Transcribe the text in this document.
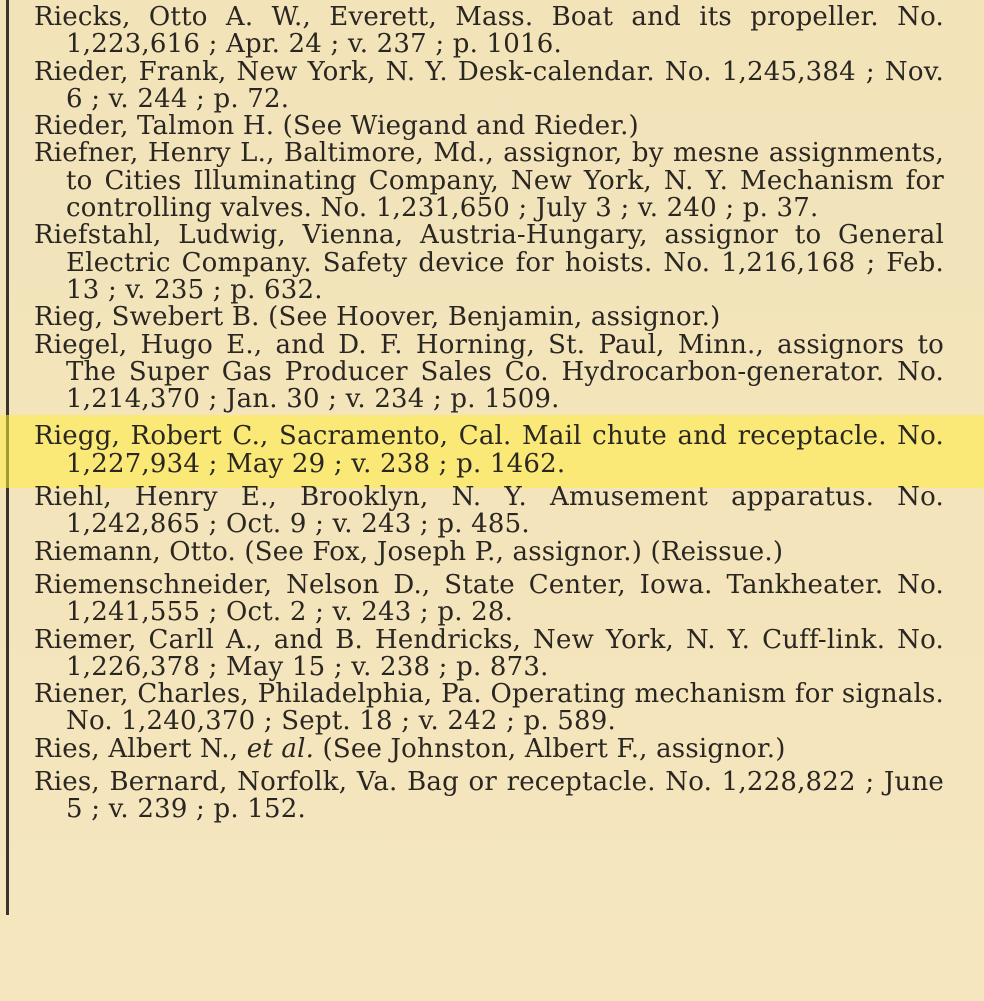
Riecks, Otto A. W., Everett, Mass. Boat and its propeller. No. 1,223,616 ; Apr. 24 ; v. 237 ; p. 1016.

Rieder, Frank, New York, N. Y. Desk-calendar. No. 1,245,384 ; Nov. 6 ; v. 244 ; p. 72.

Rieder, Talmon H. (See Wiegand and Rieder.)

Riefner, Henry L., Baltimore, Md., assignor, by mesne assignments, to Cities Illuminating Company, New York, N. Y. Mechanism for controlling valves. No. 1,231,650 ; July 3 ; v. 240 ; p. 37.

Riefstahl, Ludwig, Vienna, Austria-Hungary, assignor to General Electric Company. Safety device for hoists. No. 1,216,168 ; Feb. 13 ; v. 235 ; p. 632.

Rieg, Swebert B. (See Hoover, Benjamin, assignor.)

Riegel, Hugo E., and D. F. Horning, St. Paul, Minn., assignors to The Super Gas Producer Sales Co. Hydrocarbon-generator. No. 1,214,370 ; Jan. 30 ; v. 234 ; p. 1509.

Riegg, Robert C., Sacramento, Cal. Mail chute and receptacle. No. 1,227,934 ; May 29 ; v. 238 ; p. 1462.

Riehl, Henry E., Brooklyn, N. Y. Amusement apparatus. No. 1,242,865 ; Oct. 9 ; v. 243 ; p. 485.

Riemann, Otto. (See Fox, Joseph P., assignor.) (Reissue.)

Riemenschneider, Nelson D., State Center, Iowa. Tankheater. No. 1,241,555 ; Oct. 2 ; v. 243 ; p. 28.

Riemer, Carll A., and B. Hendricks, New York, N. Y. Cuff-link. No. 1,226,378 ; May 15 ; v. 238 ; p. 873.

Riener, Charles, Philadelphia, Pa. Operating mechanism for signals. No. 1,240,370 ; Sept. 18 ; v. 242 ; p. 589.

Ries, Albert N., et al. (See Johnston, Albert F., assignor.)

Ries, Bernard, Norfolk, Va. Bag or receptacle. No. 1,228,822 ; June 5 ; v. 239 ; p. 152.
